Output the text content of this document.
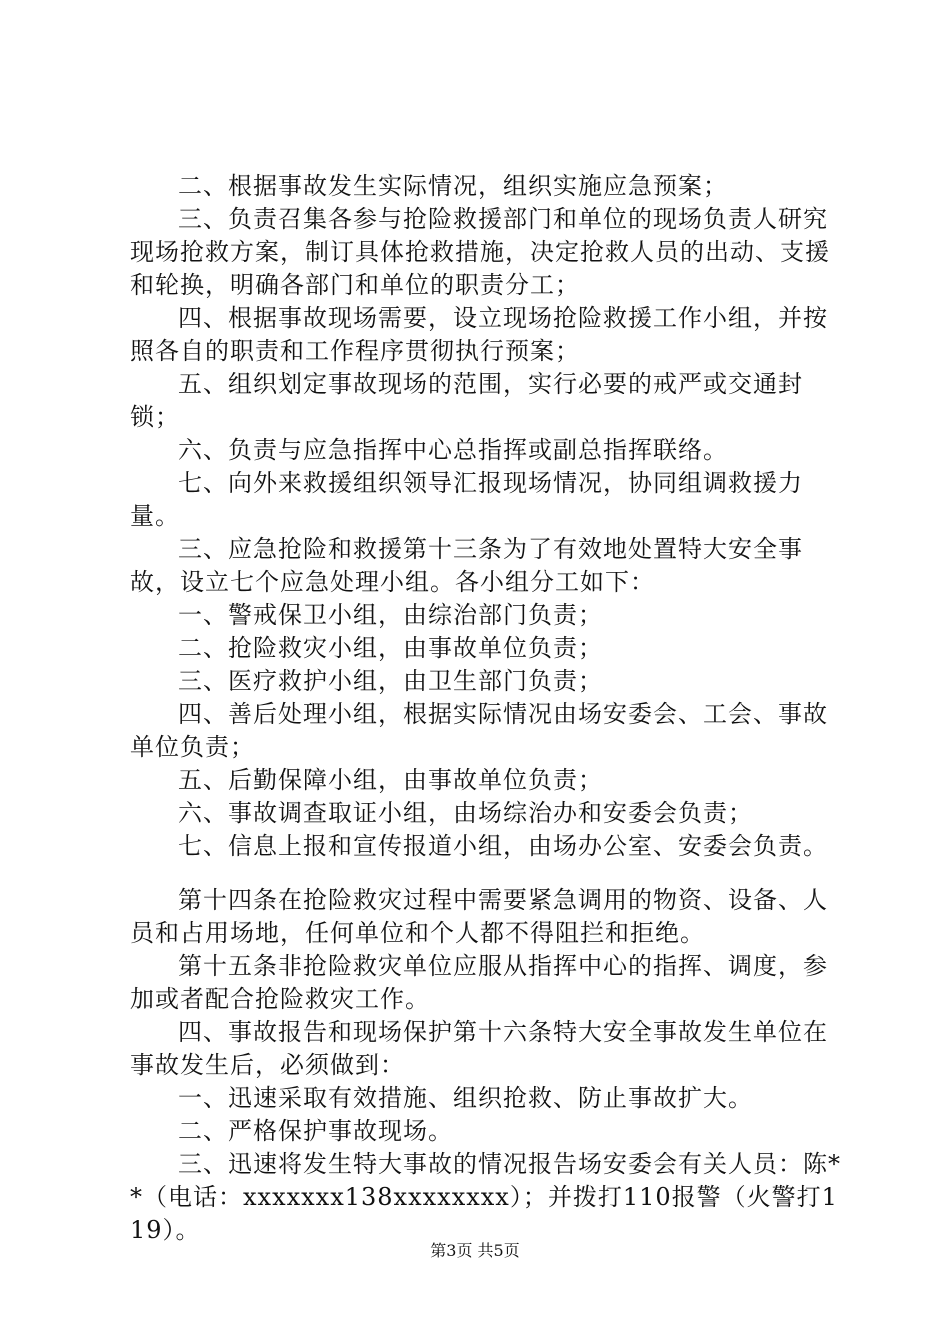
二、根据事故发生实际情况，组织实施应急预案；

三、负责召集各参与抢险救援部门和单位的现场负责人研究现场抢救方案，制订具体抢救措施，决定抢救人员的出动、支援和轮换，明确各部门和单位的职责分工；

四、根据事故现场需要，设立现场抢险救援工作小组，并按照各自的职责和工作程序贯彻执行预案；

五、组织划定事故现场的范围，实行必要的戒严或交通封锁；

六、负责与应急指挥中心总指挥或副总指挥联络。

七、向外来救援组织领导汇报现场情况，协同组调救援力量。

三、应急抢险和救援第十三条为了有效地处置特大安全事故，设立七个应急处理小组。各小组分工如下：

一、警戒保卫小组，由综治部门负责；

二、抢险救灾小组，由事故单位负责；

三、医疗救护小组，由卫生部门负责；

四、善后处理小组，根据实际情况由场安委会、工会、事故单位负责；

五、后勤保障小组，由事故单位负责；

六、事故调查取证小组，由场综治办和安委会负责；

七、信息上报和宣传报道小组，由场办公室、安委会负责。

第十四条在抢险救灾过程中需要紧急调用的物资、设备、人员和占用场地，任何单位和个人都不得阻拦和拒绝。

第十五条非抢险救灾单位应服从指挥中心的指挥、调度，参加或者配合抢险救灾工作。

四、事故报告和现场保护第十六条特大安全事故发生单位在事故发生后，必须做到：

一、迅速采取有效措施、组织抢救、防止事故扩大。

二、严格保护事故现场。

三、迅速将发生特大事故的情况报告场安委会有关人员：陈**（电话：xxxxxxx138xxxxxxxx）；并拨打110报警（火警打119）。

第3页 共5页
